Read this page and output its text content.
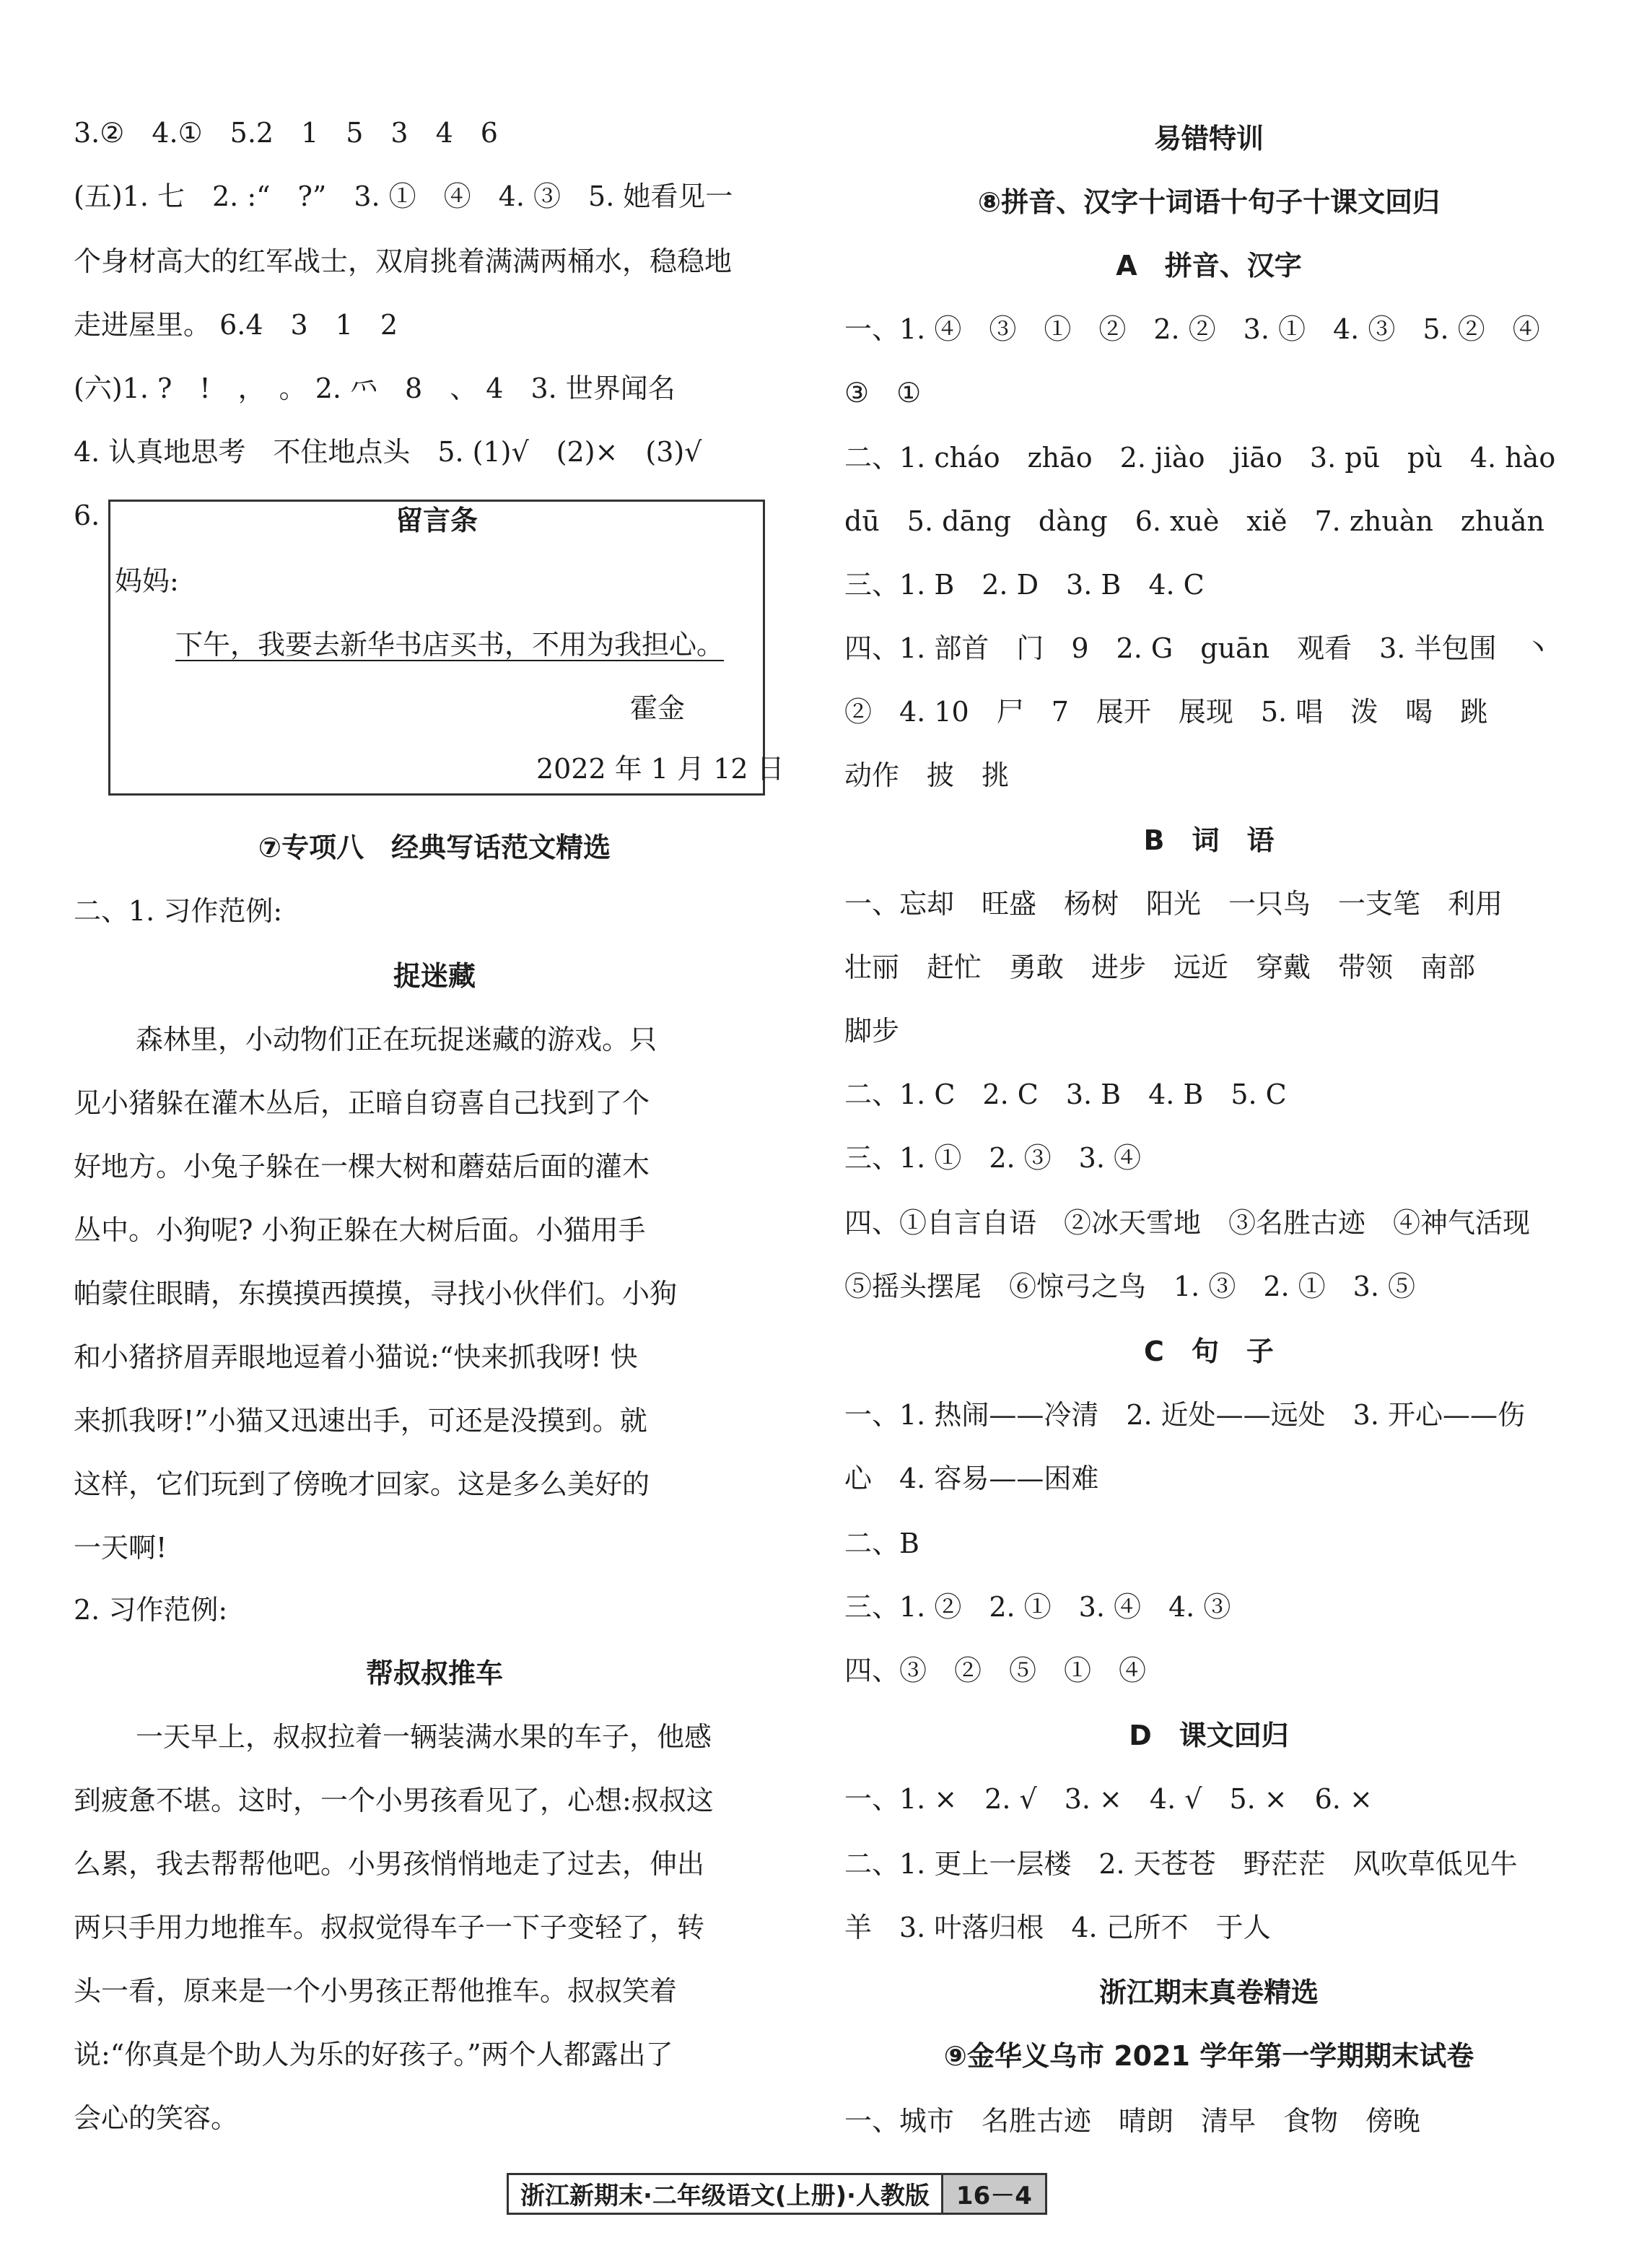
3.②　4.①　5.2　1　5　3　4　6
(五)1. 七　2. :“　?”　3. ①　④　4. ③　5. 她看见一
个身材高大的红军战士，双肩挑着满满两桶水，稳稳地
走进屋里。 6.4　3　1　2
(六)1. ?　!　，　。 2. ⺤　8　、 4　3. 世界闻名
4. 认真地思考　不住地点头　5. (1)√　(2)×　(3)√
6.	留言条
妈妈:
下午，我要去新华书店买书，不用为我担心。
霍金
2022 年 1 月 12 日
⑦专项八　经典写话范文精选
二、1. 习作范例:
捉迷藏
森林里，小动物们正在玩捉迷藏的游戏。只
见小猪躲在灌木丛后，正暗自窃喜自己找到了个
好地方。小兔子躲在一棵大树和蘑菇后面的灌木
丛中。小狗呢? 小狗正躲在大树后面。小猫用手
帕蒙住眼睛，东摸摸西摸摸，寻找小伙伴们。小狗
和小猪挤眉弄眼地逗着小猫说:“快来抓我呀! 快
来抓我呀!”小猫又迅速出手，可还是没摸到。就
这样，它们玩到了傍晚才回家。这是多么美好的
一天啊!
2. 习作范例:
帮叔叔推车
一天早上，叔叔拉着一辆装满水果的车子，他感
到疲惫不堪。这时，一个小男孩看见了，心想:叔叔这
么累，我去帮帮他吧。小男孩悄悄地走了过去，伸出
两只手用力地推车。叔叔觉得车子一下子变轻了，转
头一看，原来是一个小男孩正帮他推车。叔叔笑着
说:“你真是个助人为乐的好孩子。”两个人都露出了
会心的笑容。
易错特训
⑧拼音、汉字十词语十句子十课文回归
A　拼音、汉字
一、1. ④　③　①　②　2. ②　3. ①　4. ③　5. ②　④
③　①
二、1. cháo　zhāo　2. jiào　jiāo　3. pū　pù　4. hào
dū　5. dāng　dàng　6. xuè　xiě　7. zhuàn　zhuǎn
三、1. B　2. D　3. B　4. C
四、1. 部首　门　9　2. G　guān　观看　3. 半包围　丶
②　4. 10　尸　7　展开　展现　5. 唱　泼　喝　跳
动作　披　挑
B　词　语
一、忘却　旺盛　杨树　阳光　一只鸟　一支笔　利用
壮丽　赶忙　勇敢　进步　远近　穿戴　带领　南部
脚步
二、1. C　2. C　3. B　4. B　5. C
三、1. ①　2. ③　3. ④
四、①自言自语　②冰天雪地　③名胜古迹　④神气活现
⑤摇头摆尾　⑥惊弓之鸟　1. ③　2. ①　3. ⑤
C　句　子
一、1. 热闹——冷清　2. 近处——远处　3. 开心——伤
心　4. 容易——困难
二、B
三、1. ②　2. ①　3. ④　4. ③
四、③　②　⑤　①　④
D　课文回归
一、1. ×　2. √　3. ×　4. √　5. ×　6. ×
二、1. 更上一层楼　2. 天苍苍　野茫茫　风吹草低见牛
羊　3. 叶落归根　4. 己所不　于人
浙江期末真卷精选
⑨金华义乌市 2021 学年第一学期期末试卷
一、城市　名胜古迹　晴朗　清早　食物　傍晚
浙江新期末·二年级语文(上册)·人教版	16－4
